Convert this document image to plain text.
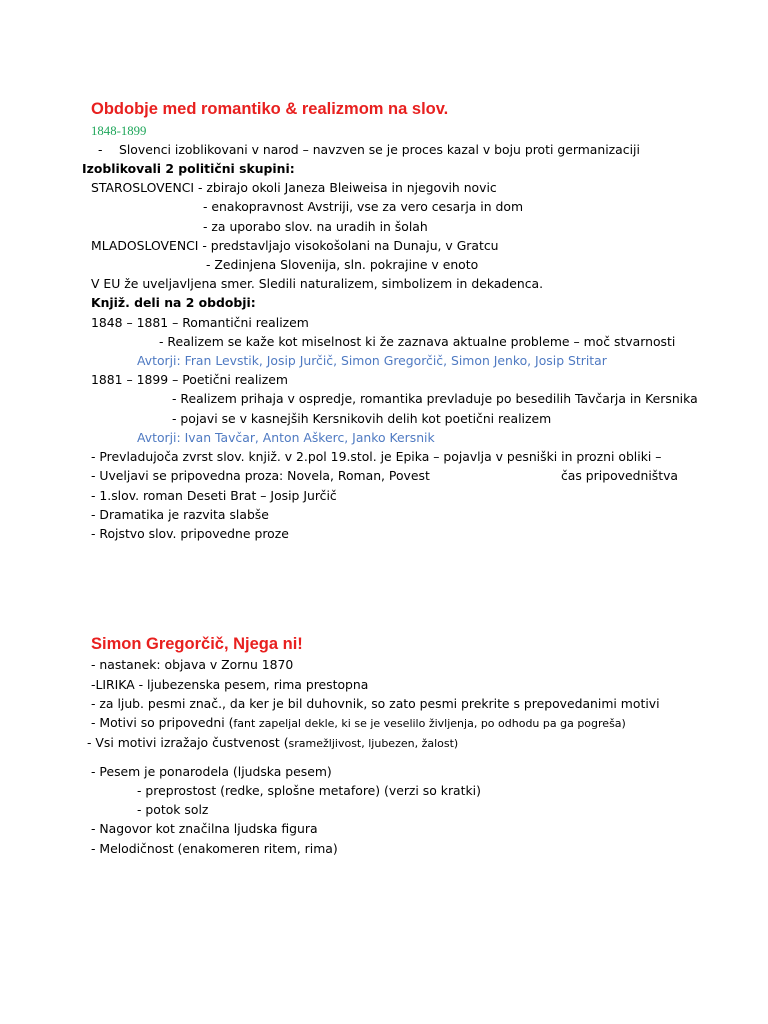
Obdobje med romantiko & realizmom na slov.
1848-1899
- Slovenci izoblikovani v narod – navzven se je proces kazal v boju proti germanizaciji
Izoblikovali 2 politični skupini:
STAROSLOVENCI - zbirajo okoli Janeza Bleiweisa in njegovih novic
- enakopravnost Avstriji, vse za vero cesarja in dom
- za uporabo slov. na uradih in šolah
MLADOSLOVENCI - predstavljajo visokošolani na Dunaju, v Gratcu
- Zedinjena Slovenija, sln. pokrajine v enoto
V EU že uveljavljena smer. Sledili naturalizem, simbolizem in dekadenca.
Knjiž. deli na 2 obdobji:
1848 – 1881 – Romantični realizem
- Realizem se kaže kot miselnost ki že zaznava aktualne probleme – moč stvarnosti
Avtorji: Fran Levstik, Josip Jurčič, Simon Gregorčič, Simon Jenko, Josip Stritar
1881 – 1899 – Poetični realizem
- Realizem prihaja v ospredje, romantika prevladuje po besedilih Tavčarja in Kersnika
- pojavi se v kasnejših Kersnikovih delih kot poetični realizem
Avtorji: Ivan Tavčar, Anton Aškerc, Janko Kersnik
- Prevladujoča zvrst slov. knjiž. v 2.pol 19.stol. je Epika – pojavlja v pesniški in prozni obliki –
- Uveljavi se pripovedna proza: Novela, Roman, Povest	čas pripovedništva
- 1.slov. roman Deseti Brat – Josip Jurčič
- Dramatika je razvita slabše
- Rojstvo slov. pripovedne proze
Simon Gregorčič, Njega ni!
- nastanek: objava v Zornu 1870
-LIRIKA - ljubezenska pesem, rima prestopna
- za ljub. pesmi znač., da ker je bil duhovnik, so zato pesmi prekrite s prepovedanimi motivi
- Motivi so pripovedni (fant zapeljal dekle, ki se je veselilo življenja, po odhodu pa ga pogreša)
- Vsi motivi izražajo čustvenost (sramežljivost, ljubezen, žalost)
- Pesem je ponarodela (ljudska pesem)
- preprostost (redke, splošne metafore) (verzi so kratki)
- potok solz
- Nagovor kot značilna ljudska figura
- Melodičnost (enakomeren ritem, rima)
